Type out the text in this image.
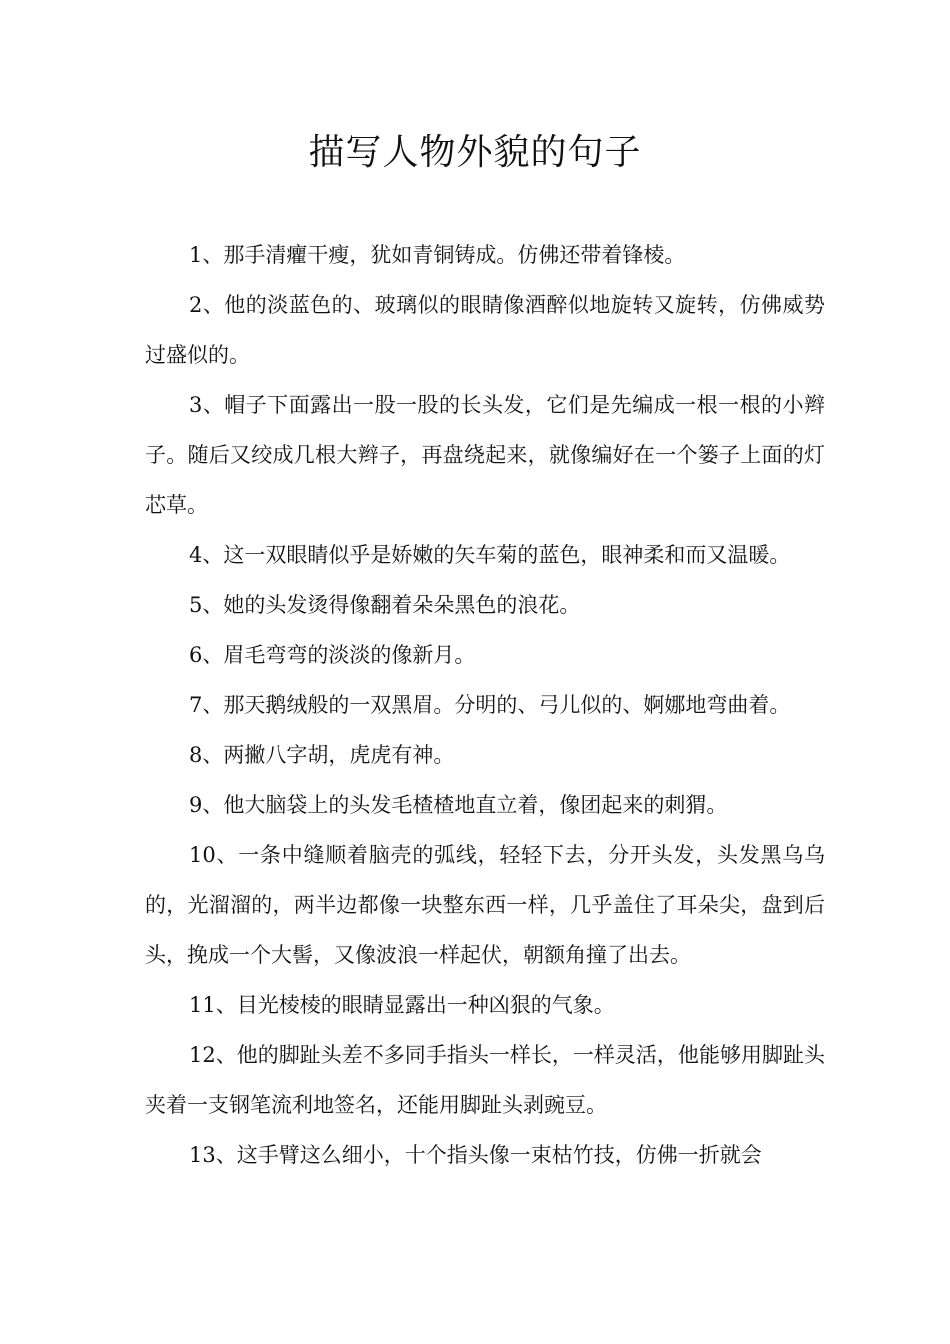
描写人物外貌的句子

1、那手清癯干瘦，犹如青铜铸成。仿佛还带着锋棱。

2、他的淡蓝色的、玻璃似的眼睛像酒醉似地旋转又旋转，仿佛威势过盛似的。

3、帽子下面露出一股一股的长头发，它们是先编成一根一根的小辫子。随后又绞成几根大辫子，再盘绕起来，就像编好在一个篓子上面的灯芯草。

4、这一双眼睛似乎是娇嫩的矢车菊的蓝色，眼神柔和而又温暖。

5、她的头发烫得像翻着朵朵黑色的浪花。

6、眉毛弯弯的淡淡的像新月。

7、那天鹅绒般的一双黑眉。分明的、弓儿似的、婀娜地弯曲着。

8、两撇八字胡，虎虎有神。

9、他大脑袋上的头发毛楂楂地直立着，像团起来的刺猬。

10、一条中缝顺着脑壳的弧线，轻轻下去，分开头发，头发黑乌乌的，光溜溜的，两半边都像一块整东西一样，几乎盖住了耳朵尖，盘到后头，挽成一个大髻，又像波浪一样起伏，朝额角撞了出去。

11、目光棱棱的眼睛显露出一种凶狠的气象。

12、他的脚趾头差不多同手指头一样长，一样灵活，他能够用脚趾头夹着一支钢笔流利地签名，还能用脚趾头剥豌豆。

13、这手臂这么细小，十个指头像一束枯竹技，仿佛一折就会
